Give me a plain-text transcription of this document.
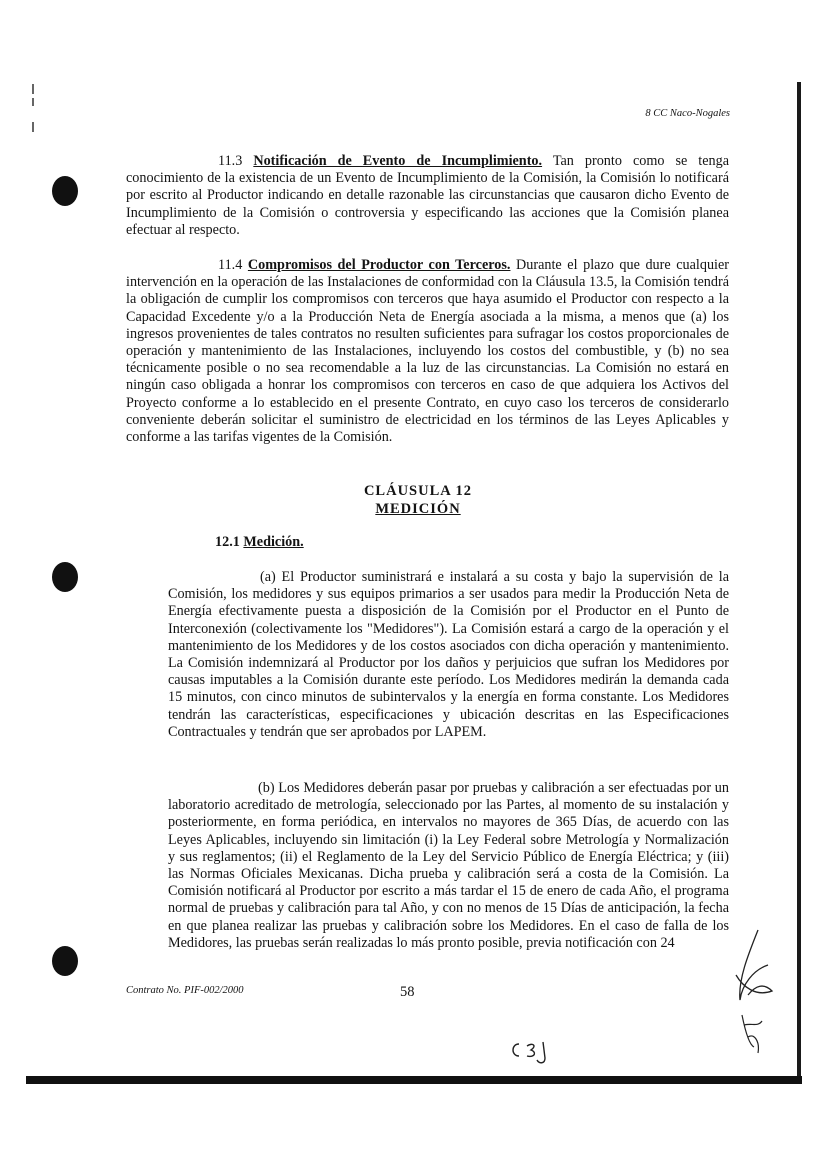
8 CC Naco-Nogales
11.3 Notificación de Evento de Incumplimiento. Tan pronto como se tenga conocimiento de la existencia de un Evento de Incumplimiento de la Comisión, la Comisión lo notificará por escrito al Productor indicando en detalle razonable las circunstancias que causaron dicho Evento de Incumplimiento de la Comisión o controversia y especificando las acciones que la Comisión planea efectuar al respecto.
11.4 Compromisos del Productor con Terceros. Durante el plazo que dure cualquier intervención en la operación de las Instalaciones de conformidad con la Cláusula 13.5, la Comisión tendrá la obligación de cumplir los compromisos con terceros que haya asumido el Productor con respecto a la Capacidad Excedente y/o a la Producción Neta de Energía asociada a la misma, a menos que (a) los ingresos provenientes de tales contratos no resulten suficientes para sufragar los costos proporcionales de operación y mantenimiento de las Instalaciones, incluyendo los costos del combustible, y (b) no sea técnicamente posible o no sea recomendable a la luz de las circunstancias. La Comisión no estará en ningún caso obligada a honrar los compromisos con terceros en caso de que adquiera los Activos del Proyecto conforme a lo establecido en el presente Contrato, en cuyo caso los terceros de considerarlo conveniente deberán solicitar el suministro de electricidad en los términos de las Leyes Aplicables y conforme a las tarifas vigentes de la Comisión.
CLÁUSULA 12
MEDICIÓN
12.1 Medición.
(a) El Productor suministrará e instalará a su costa y bajo la supervisión de la Comisión, los medidores y sus equipos primarios a ser usados para medir la Producción Neta de Energía efectivamente puesta a disposición de la Comisión por el Productor en el Punto de Interconexión (colectivamente los "Medidores"). La Comisión estará a cargo de la operación y el mantenimiento de los Medidores y de los costos asociados con dicha operación y mantenimiento. La Comisión indemnizará al Productor por los daños y perjuicios que sufran los Medidores por causas imputables a la Comisión durante este período. Los Medidores medirán la demanda cada 15 minutos, con cinco minutos de subintervalos y la energía en forma constante. Los Medidores tendrán las características, especificaciones y ubicación descritas en las Especificaciones Contractuales y tendrán que ser aprobados por LAPEM.
(b) Los Medidores deberán pasar por pruebas y calibración a ser efectuadas por un laboratorio acreditado de metrología, seleccionado por las Partes, al momento de su instalación y posteriormente, en forma periódica, en intervalos no mayores de 365 Días, de acuerdo con las Leyes Aplicables, incluyendo sin limitación (i) la Ley Federal sobre Metrología y Normalización y sus reglamentos; (ii) el Reglamento de la Ley del Servicio Público de Energía Eléctrica; y (iii) las Normas Oficiales Mexicanas. Dicha prueba y calibración será a costa de la Comisión. La Comisión notificará al Productor por escrito a más tardar el 15 de enero de cada Año, el programa normal de pruebas y calibración para tal Año, y con no menos de 15 Días de anticipación, la fecha en que planea realizar las pruebas y calibración sobre los Medidores. En el caso de falla de los Medidores, las pruebas serán realizadas lo más pronto posible, previa notificación con 24
Contrato No. PIF-002/2000	58
